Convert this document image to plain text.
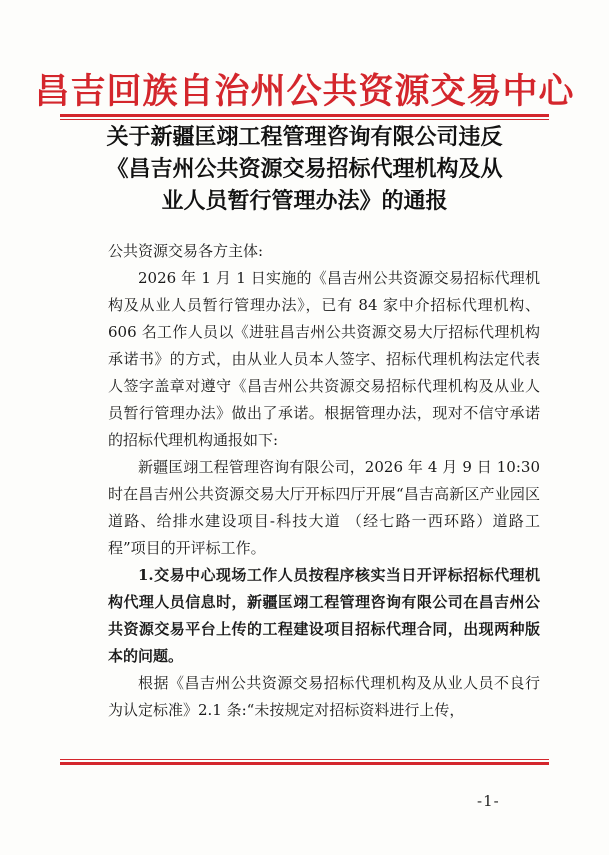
昌吉回族自治州公共资源交易中心
关于新疆匡翊工程管理咨询有限公司违反
《昌吉州公共资源交易招标代理机构及从
业人员暂行管理办法》的通报

公共资源交易各方主体:

2026 年 1 月 1 日实施的《昌吉州公共资源交易招标代理机构及从业人员暂行管理办法》，已有 84 家中介招标代理机构、606 名工作人员以《进驻昌吉州公共资源交易大厅招标代理机构承诺书》的方式，由从业人员本人签字、招标代理机构法定代表人签字盖章对遵守《昌吉州公共资源交易招标代理机构及从业人员暂行管理办法》做出了承诺。根据管理办法，现对不信守承诺的招标代理机构通报如下:

新疆匡翊工程管理咨询有限公司，2026 年 4 月 9 日 10:30 时在昌吉州公共资源交易大厅开标四厅开展“昌吉高新区产业园区道路、给排水建设项目-科技大道 （经七路一西环路）道路工程”项目的开评标工作。

1.交易中心现场工作人员按程序核实当日开评标招标代理机构代理人员信息时，新疆匡翊工程管理咨询有限公司在昌吉州公共资源交易平台上传的工程建设项目招标代理合同，出现两种版本的问题。

根据《昌吉州公共资源交易招标代理机构及从业人员不良行为认定标准》2.1 条:“未按规定对招标资料进行上传，

-1-
